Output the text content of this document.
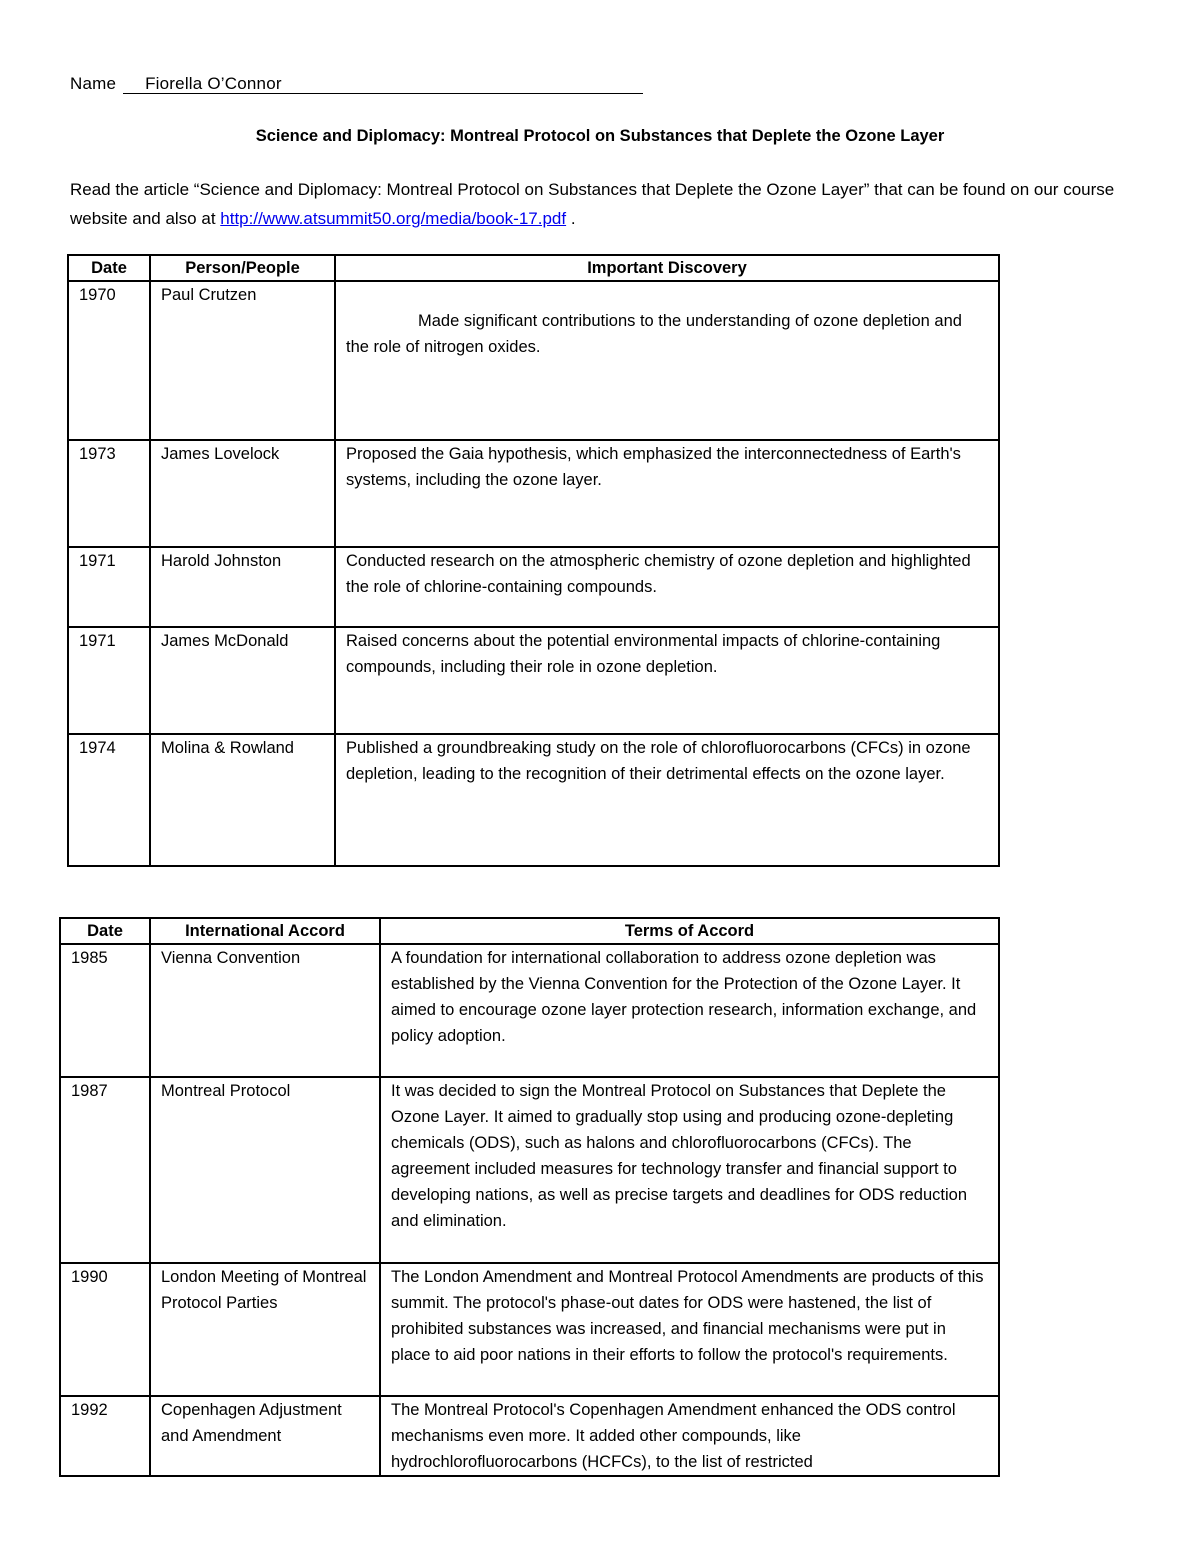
Name Fiorella O’Connor
Science and Diplomacy: Montreal Protocol on Substances that Deplete the Ozone Layer
Read the article “Science and Diplomacy: Montreal Protocol on Substances that Deplete the Ozone Layer” that can be found on our course website and also at http://www.atsummit50.org/media/book-17.pdf .
Date	Person/People	Important Discovery
1970	Paul Crutzen	Made significant contributions to the understanding of ozone depletion and the role of nitrogen oxides.
1973	James Lovelock	Proposed the Gaia hypothesis, which emphasized the interconnectedness of Earth's systems, including the ozone layer.
1971	Harold Johnston	Conducted research on the atmospheric chemistry of ozone depletion and highlighted the role of chlorine-containing compounds.
1971	James McDonald	Raised concerns about the potential environmental impacts of chlorine-containing compounds, including their role in ozone depletion.
1974	Molina & Rowland	Published a groundbreaking study on the role of chlorofluorocarbons (CFCs) in ozone depletion, leading to the recognition of their detrimental effects on the ozone layer.
Date	International Accord	Terms of Accord
1985	Vienna Convention	A foundation for international collaboration to address ozone depletion was established by the Vienna Convention for the Protection of the Ozone Layer. It aimed to encourage ozone layer protection research, information exchange, and policy adoption.
1987	Montreal Protocol	It was decided to sign the Montreal Protocol on Substances that Deplete the Ozone Layer. It aimed to gradually stop using and producing ozone-depleting chemicals (ODS), such as halons and chlorofluorocarbons (CFCs). The agreement included measures for technology transfer and financial support to developing nations, as well as precise targets and deadlines for ODS reduction and elimination.
1990	London Meeting of Montreal Protocol Parties	The London Amendment and Montreal Protocol Amendments are products of this summit. The protocol's phase-out dates for ODS were hastened, the list of prohibited substances was increased, and financial mechanisms were put in place to aid poor nations in their efforts to follow the protocol's requirements.
1992	Copenhagen Adjustment and Amendment	The Montreal Protocol's Copenhagen Amendment enhanced the ODS control mechanisms even more. It added other compounds, like hydrochlorofluorocarbons (HCFCs), to the list of restricted
